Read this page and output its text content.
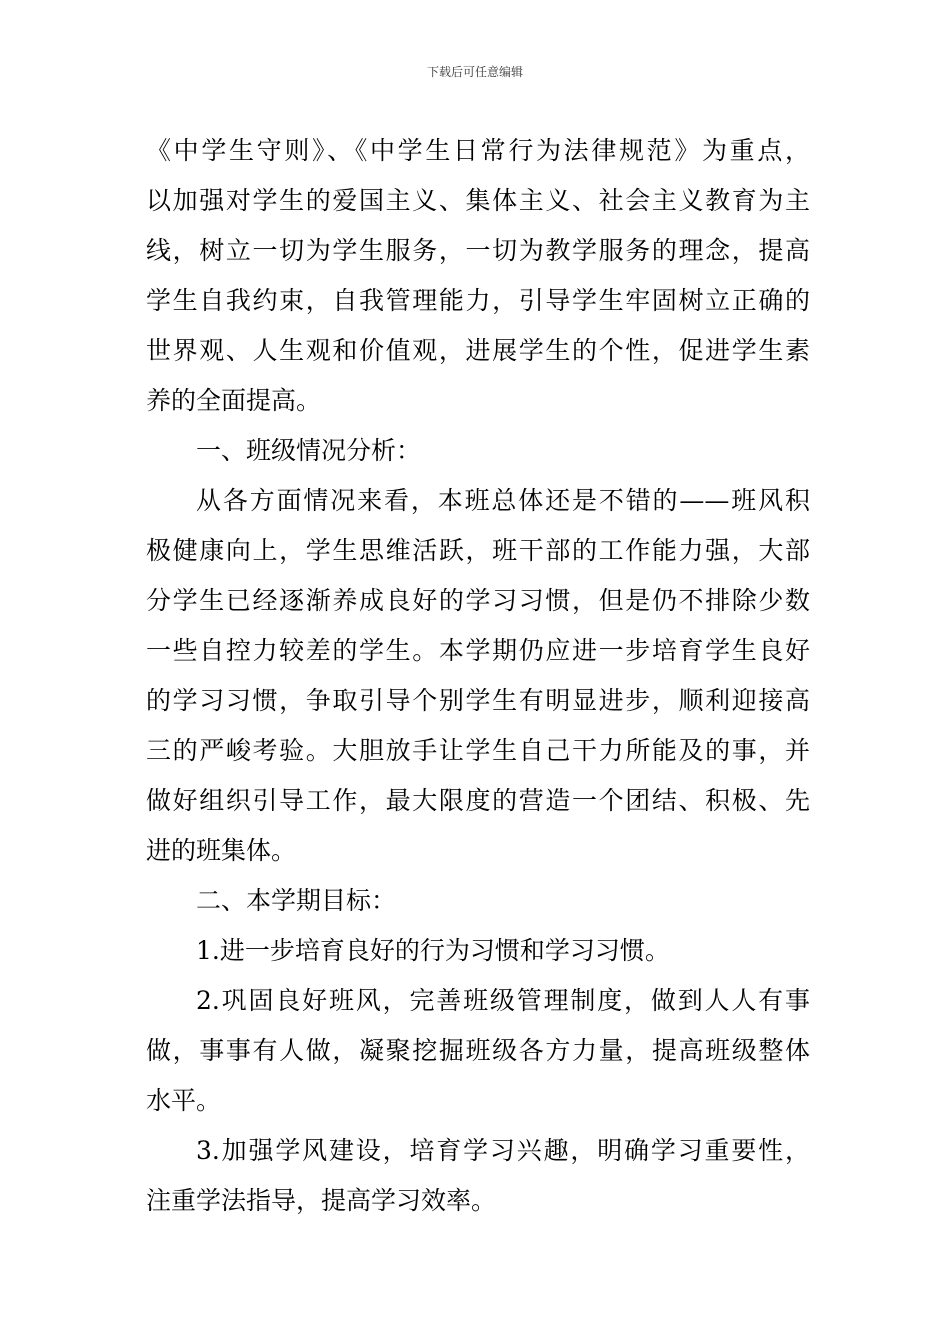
下载后可任意编辑
《中学生守则》、《中学生日常行为法律规范》为重点，
以加强对学生的爱国主义、集体主义、社会主义教育为主
线，树立一切为学生服务，一切为教学服务的理念，提高
学生自我约束，自我管理能力，引导学生牢固树立正确的
世界观、人生观和价值观，进展学生的个性，促进学生素
养的全面提高。
一、班级情况分析：
从各方面情况来看，本班总体还是不错的——班风积
极健康向上，学生思维活跃，班干部的工作能力强，大部
分学生已经逐渐养成良好的学习习惯，但是仍不排除少数
一些自控力较差的学生。本学期仍应进一步培育学生良好
的学习习惯，争取引导个别学生有明显进步，顺利迎接高
三的严峻考验。大胆放手让学生自己干力所能及的事，并
做好组织引导工作，最大限度的营造一个团结、积极、先
进的班集体。
二、本学期目标：
1.进一步培育良好的行为习惯和学习习惯。
2.巩固良好班风，完善班级管理制度，做到人人有事
做，事事有人做，凝聚挖掘班级各方力量，提高班级整体
水平。
3.加强学风建设，培育学习兴趣，明确学习重要性，
注重学法指导，提高学习效率。
